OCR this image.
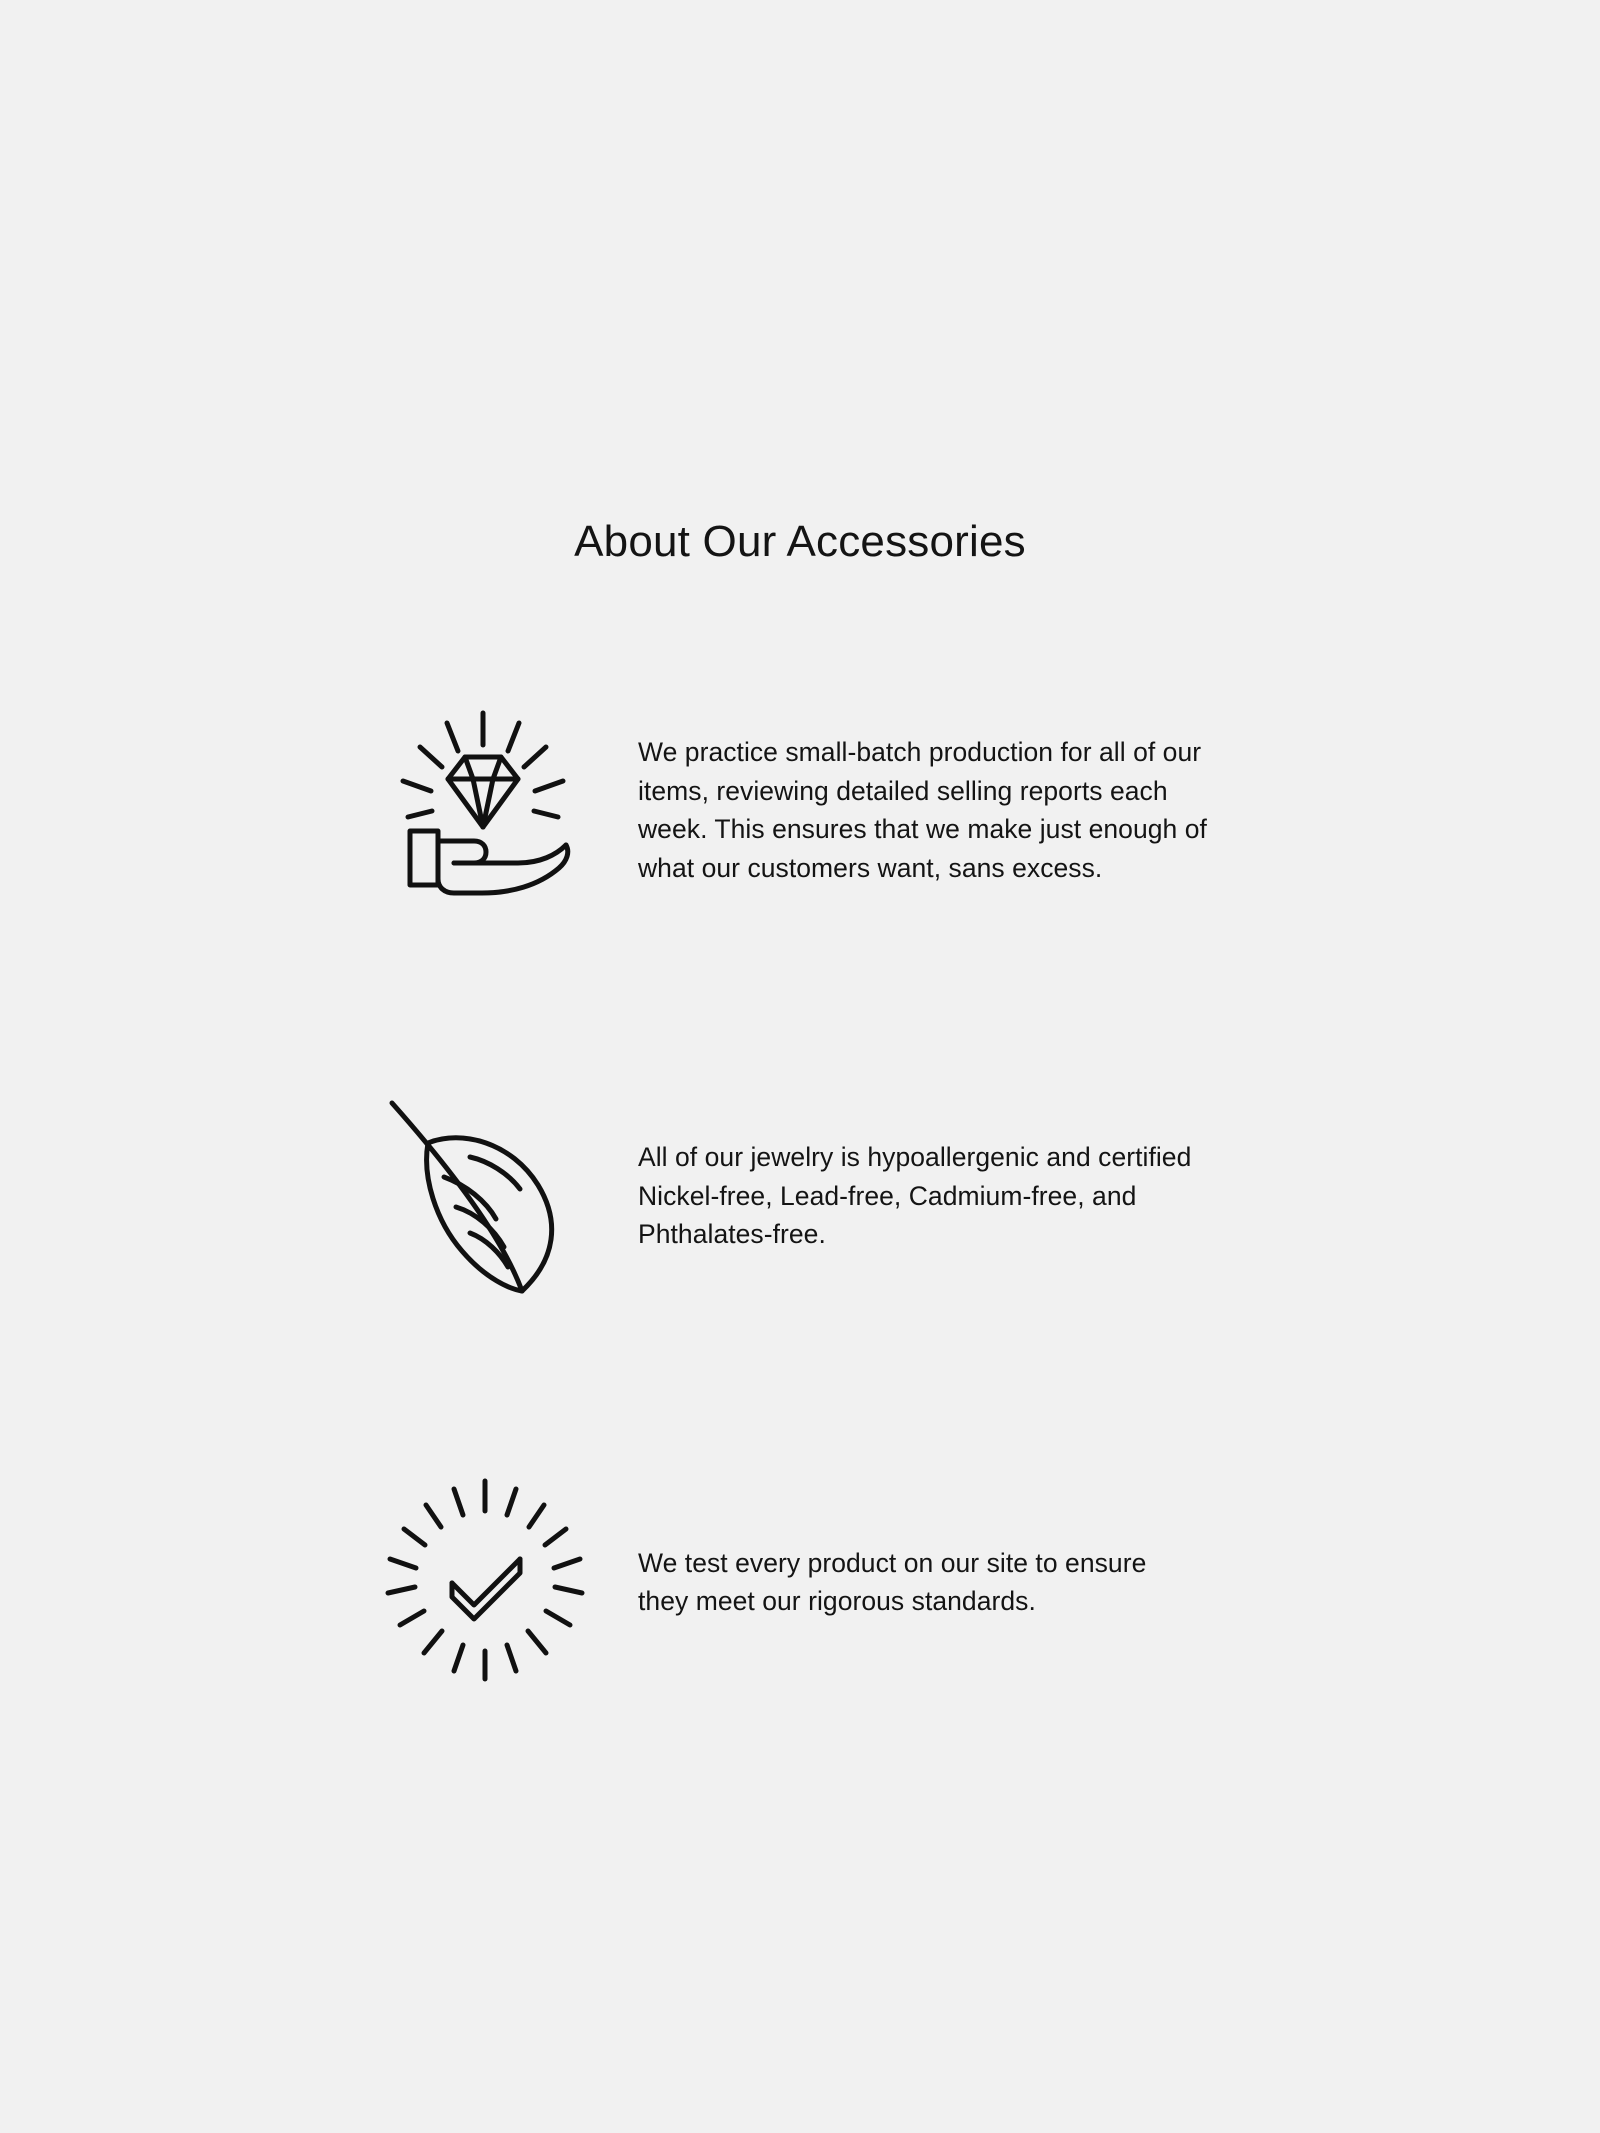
About Our Accessories

We practice small-batch production for all of our items, reviewing detailed selling reports each week. This ensures that we make just enough of what our customers want, sans excess.

All of our jewelry is hypoallergenic and certified Nickel-free, Lead-free, Cadmium-free, and Phthalates-free.

We test every product on our site to ensure they meet our rigorous standards.
